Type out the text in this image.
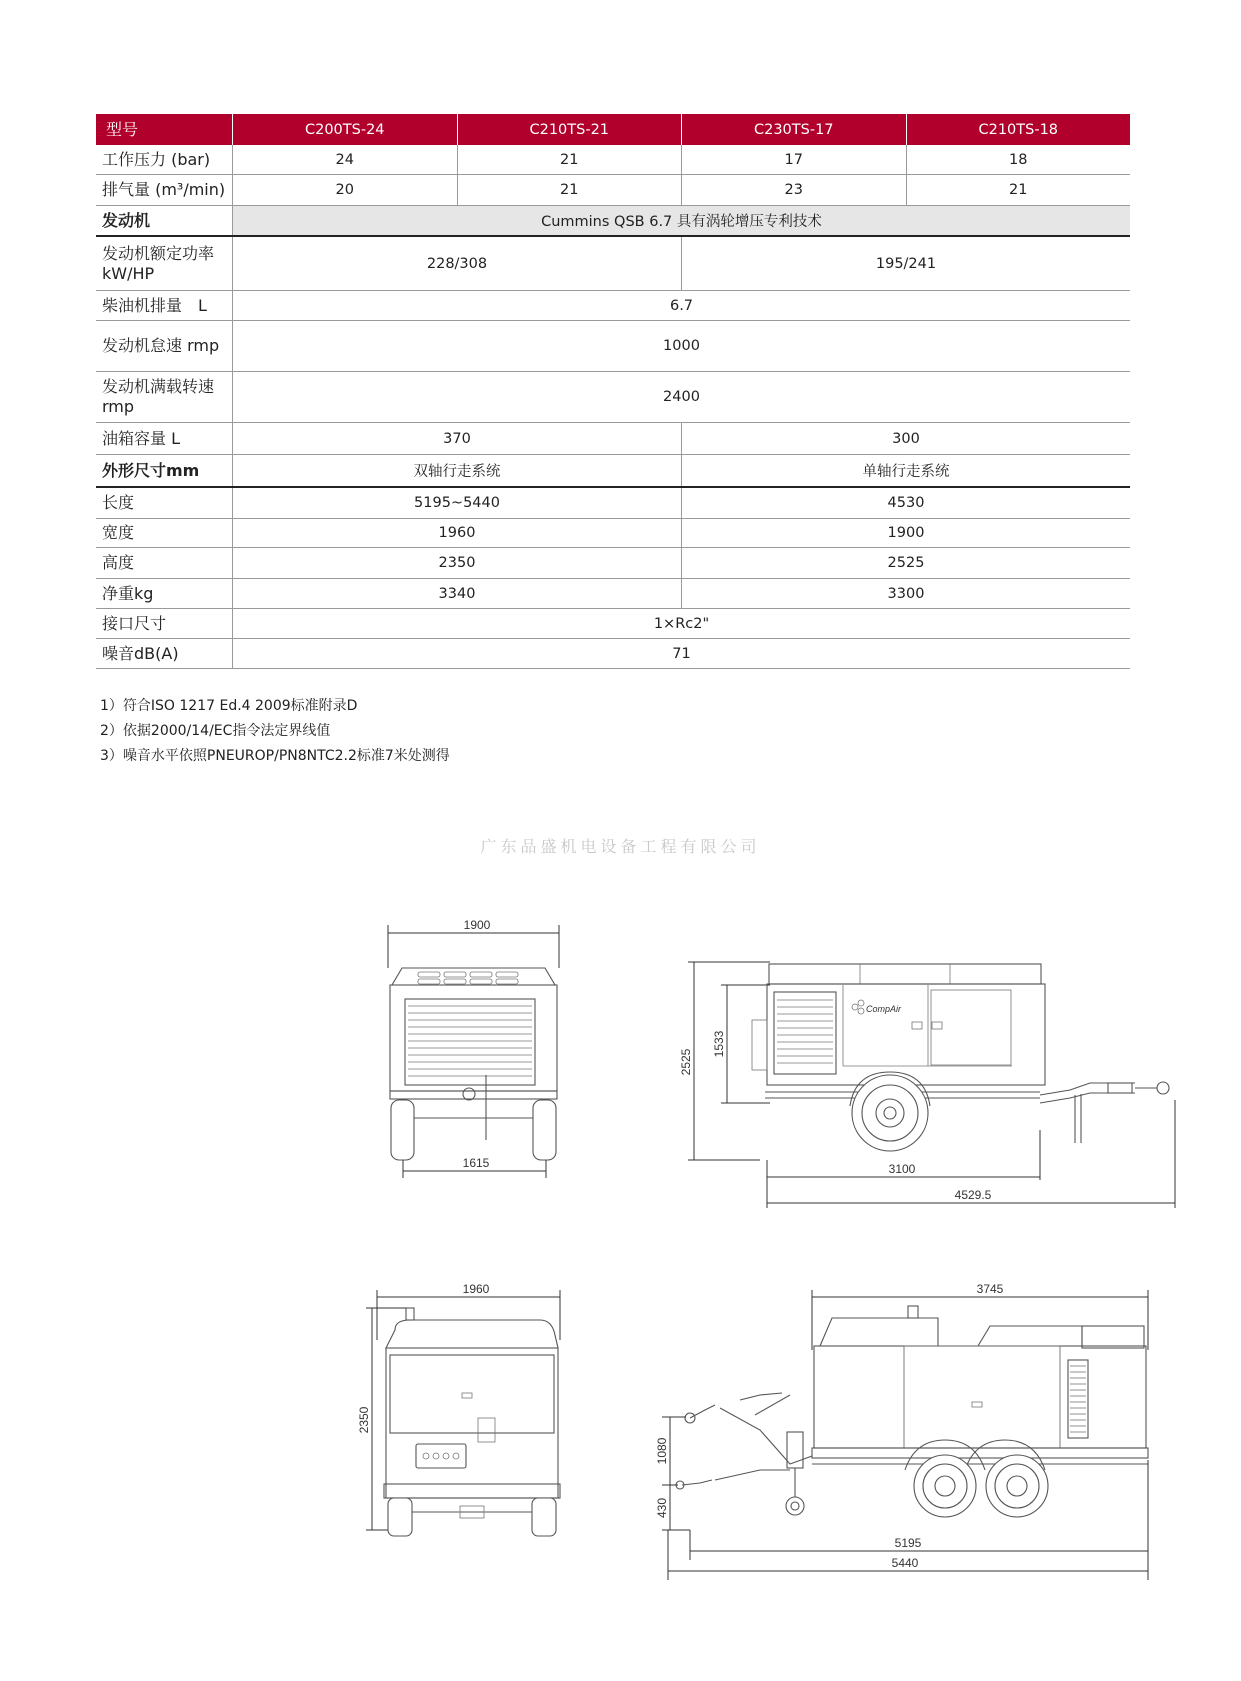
型号	C200TS-24	C210TS-21	C230TS-17	C210TS-18
工作压力 (bar)	24	21	17	18
排气量 (m³/min)	20	21	23	21
发动机	Cummins QSB 6.7 具有涡轮增压专利技术
发动机额定功率 kW/HP	228/308	195/241
柴油机排量　L	6.7
发动机怠速 rmp	1000
发动机满载转速 rmp	2400
油箱容量 L	370	300
外形尺寸mm	双轴行走系统	单轴行走系统
长度	5195~5440	4530
宽度	1960	1900
高度	2350	2525
净重kg	3340	3300
接口尺寸	1×Rc2"
噪音dB(A)	71
1）符合ISO 1217 Ed.4 2009标准附录D
2）依据2000/14/EC指令法定界线值
3）噪音水平依照PNEUROP/PN8NTC2.2标准7米处测得
广东品盛机电设备工程有限公司
1900
1615
2525
1533
CompAir
3100
4529.5
1960
2350
3745
1080
430
5195
5440
